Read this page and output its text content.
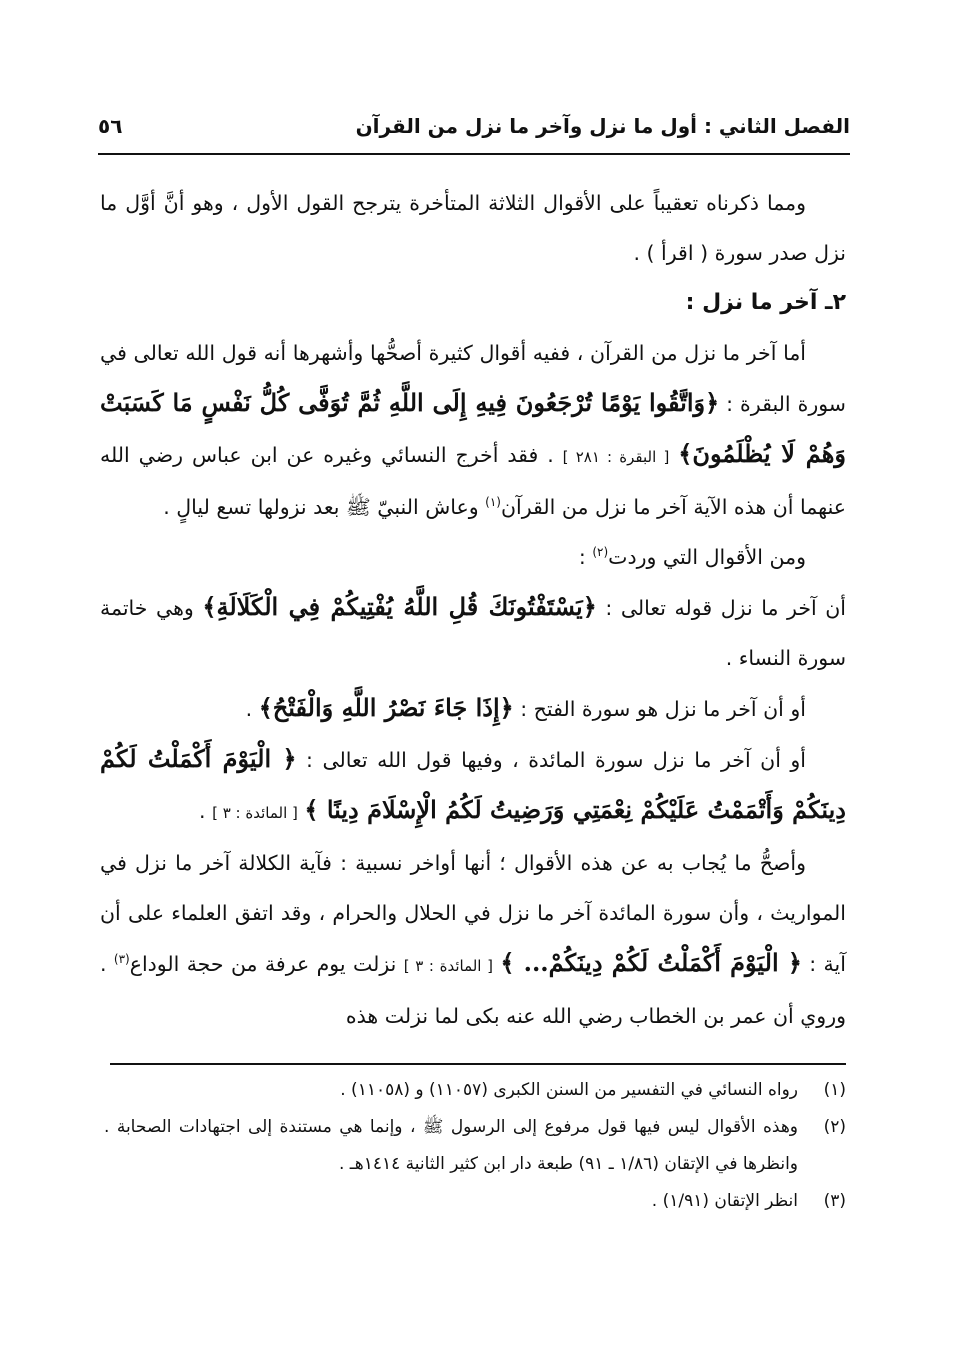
الفصل الثاني : أول ما نزل وآخر ما نزل من القرآن
٥٦

ومما ذكرناه تعقيباً على الأقوال الثلاثة المتأخرة يترجح القول الأول ، وهو أنَّ أوَّل ما نزل صدر سورة ( اقرأ ) .

٢ـ آخر ما نزل :

أما آخر ما نزل من القرآن ، ففيه أقوال كثيرة أصحُّها وأشهرها أنه قول الله تعالى في سورة البقرة : ﴿وَاتَّقُوا يَوْمًا تُرْجَعُونَ فِيهِ إِلَى اللَّهِ ثُمَّ تُوَفَّى كُلُّ نَفْسٍ مَا كَسَبَتْ وَهُمْ لَا يُظْلَمُونَ﴾ [ البقرة : ٢٨١ ] . فقد أخرج النسائي وغيره عن ابن عباس رضي الله عنهما أن هذه الآية آخر ما نزل من القرآن$^{(١)}$ وعاش النبيّ ﷺ بعد نزولها تسع ليالٍ .

ومن الأقوال التي وردت$^{(٢)}$ :

أن آخر ما نزل قوله تعالى : ﴿يَسْتَفْتُونَكَ قُلِ اللَّهُ يُفْتِيكُمْ فِي الْكَلَالَةِ﴾ وهي خاتمة سورة النساء .

أو أن آخر ما نزل هو سورة الفتح : ﴿إِذَا جَاءَ نَصْرُ اللَّهِ وَالْفَتْحُ﴾ .

أو أن آخر ما نزل سورة المائدة ، وفيها قول الله تعالى : ﴿ الْيَوْمَ أَكْمَلْتُ لَكُمْ دِينَكُمْ وَأَتْمَمْتُ عَلَيْكُمْ نِعْمَتِي وَرَضِيتُ لَكُمُ الْإِسْلَامَ دِينًا ﴾ [ المائدة : ٣ ] .

وأصحُّ ما يُجاب به عن هذه الأقوال ؛ أنها أواخر نسبية : فآية الكلالة آخر ما نزل في المواريث ، وأن سورة المائدة آخر ما نزل في الحلال والحرام ، وقد اتفق العلماء على أن آية : ﴿ الْيَوْمَ أَكْمَلْتُ لَكُمْ دِينَكُمْ... ﴾ [ المائدة : ٣ ] نزلت يوم عرفة من حجة الوداع$^{(٣)}$ . وروي أن عمر بن الخطاب رضي الله عنه بكى لما نزلت هذه

(١)
رواه النسائي في التفسير من السنن الكبرى (١١٠٥٧) و (١١٠٥٨) .
(٢)
وهذه الأقوال ليس فيها قول مرفوع إلى الرسول ﷺ ، وإنما هي مستندة إلى اجتهادات الصحابة . وانظرها في الإتقان (١/٨٦ ـ ٩١) طبعة دار ابن كثير الثانية ١٤١٤هـ .
(٣)
انظر الإتقان (١/٩١) .
